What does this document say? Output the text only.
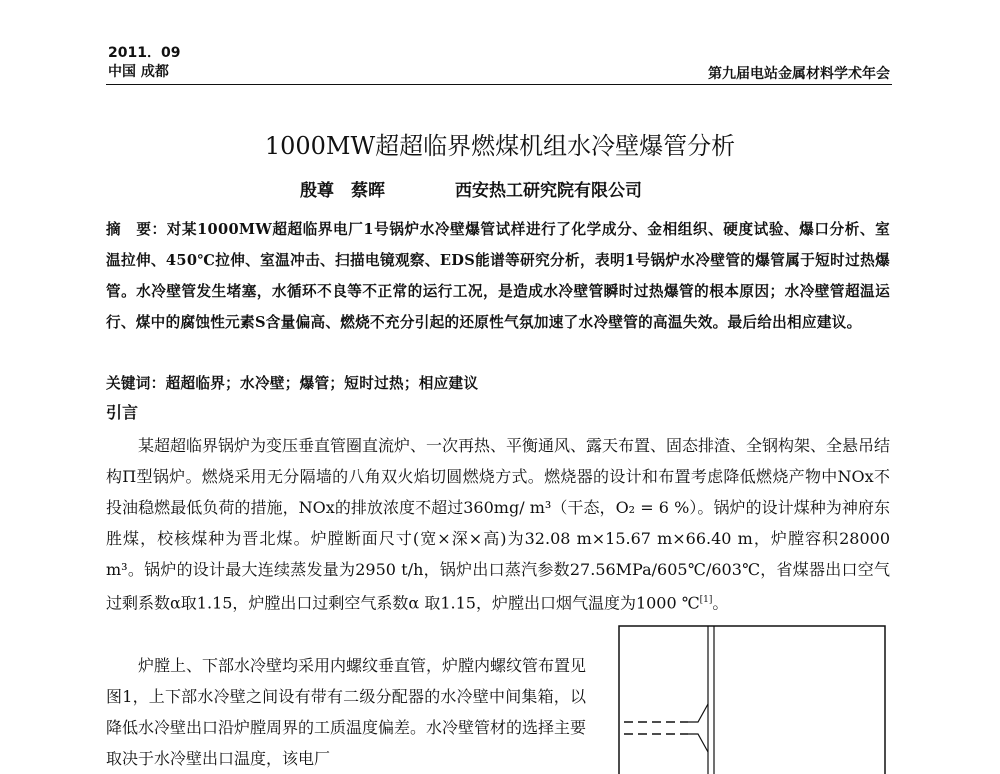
2011．09
中国 成都	第九届电站金属材料学术年会
1000MW超超临界燃煤机组水冷壁爆管分析
殷尊　蔡晖	西安热工研究院有限公司
摘　要：对某1000MW超超临界电厂1号锅炉水冷壁爆管试样进行了化学成分、金相组织、硬度试验、爆口分析、室温拉伸、450℃拉伸、室温冲击、扫描电镜观察、EDS能谱等研究分析，表明1号锅炉水冷壁管的爆管属于短时过热爆管。水冷壁管发生堵塞，水循环不良等不正常的运行工况，是造成水冷壁管瞬时过热爆管的根本原因；水冷壁管超温运行、煤中的腐蚀性元素S含量偏高、燃烧不充分引起的还原性气氛加速了水冷壁管的高温失效。最后给出相应建议。
关键词：超超临界；水冷壁；爆管；短时过热；相应建议
引言

某超超临界锅炉为变压垂直管圈直流炉、一次再热、平衡通风、露天布置、固态排渣、全钢构架、全悬吊结构Π型锅炉。燃烧采用无分隔墙的八角双火焰切圆燃烧方式。燃烧器的设计和布置考虑降低燃烧产物中NOx不投油稳燃最低负荷的措施，NOx的排放浓度不超过360mg/ m³（干态，O₂ = 6 %）。锅炉的设计煤种为神府东胜煤，校核煤种为晋北煤。炉膛断面尺寸(宽×深×高)为32.08 m×15.67 m×66.40 m，炉膛容积28000 m³。锅炉的设计最大连续蒸发量为2950 t/h，锅炉出口蒸汽参数27.56MPa/605℃/603℃，省煤器出口空气过剩系数α取1.15，炉膛出口过剩空气系数α 取1.15，炉膛出口烟气温度为1000 ℃[1]。

炉膛上、下部水冷壁均采用内螺纹垂直管，炉膛内螺纹管布置见图1，上下部水冷壁之间设有带有二级分配器的水冷壁中间集箱，以降低水冷壁出口沿炉膛周界的工质温度偏差。水冷壁管材的选择主要取决于水冷壁出口温度，该电厂
